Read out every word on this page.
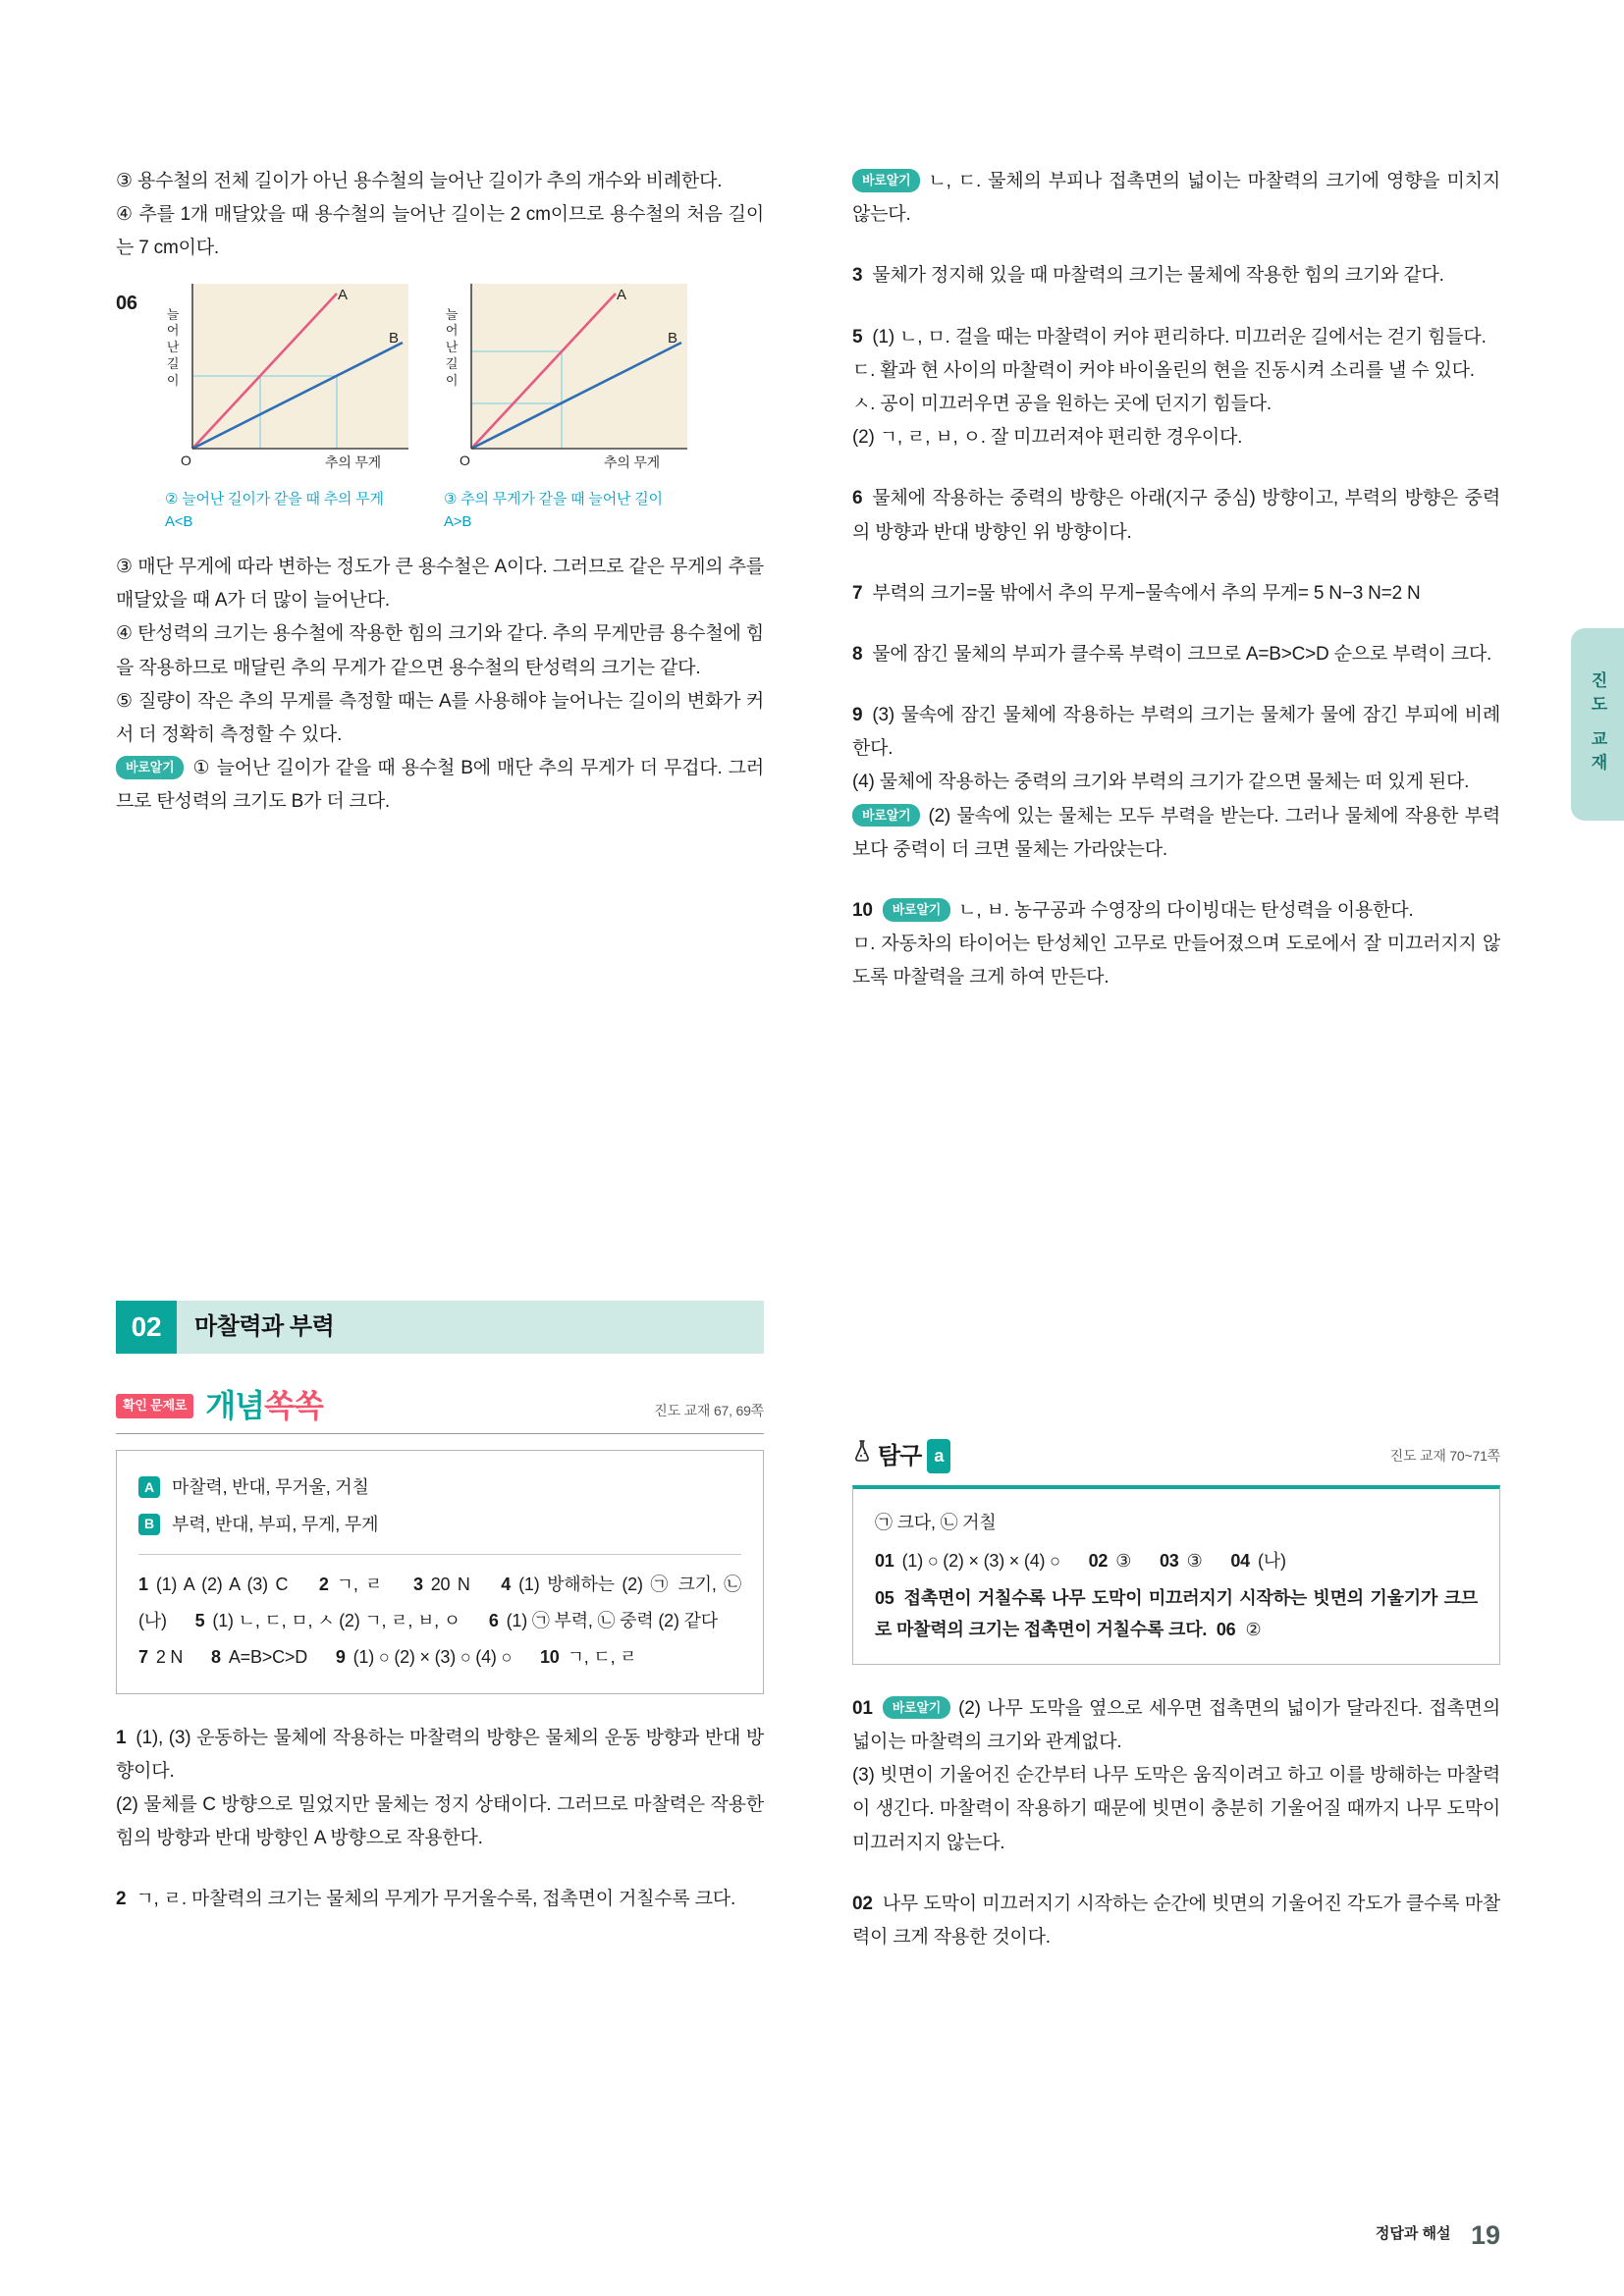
③ 용수철의 전체 길이가 아닌 용수철의 늘어난 길이가 추의 개수와 비례한다.

④ 추를 1개 매달았을 때 용수철의 늘어난 길이는 2 cm이므로 용수철의 처음 길이는 7 cm이다.

06
늘어난길이
O	추의 무게
A
B
② 늘어난 길이가 같을 때 추의 무게 A<B
늘어난길이
O	추의 무게
A
B
③ 추의 무게가 같을 때 늘어난 길이 A>B

③ 매단 무게에 따라 변하는 정도가 큰 용수철은 A이다. 그러므로 같은 무게의 추를 매달았을 때 A가 더 많이 늘어난다.

④ 탄성력의 크기는 용수철에 작용한 힘의 크기와 같다. 추의 무게만큼 용수철에 힘을 작용하므로 매달린 추의 무게가 같으면 용수철의 탄성력의 크기는 같다.

⑤ 질량이 작은 추의 무게를 측정할 때는 A를 사용해야 늘어나는 길이의 변화가 커서 더 정확히 측정할 수 있다.

바로알기 ① 늘어난 길이가 같을 때 용수철 B에 매단 추의 무게가 더 무겁다. 그러므로 탄성력의 크기도 B가 더 크다.

02	마찰력과 부력
확인 문제로 개념쏙쏙	진도 교재 67, 69쪽
A	마찰력, 반대, 무거울, 거칠
B	부력, 반대, 부피, 무게, 무게
1 (1) A (2) A (3) C 2 ㄱ, ㄹ 3 20 N 4 (1) 방해하는 (2) ㉠ 크기, ㉡ (나) 5 (1) ㄴ, ㄷ, ㅁ, ㅅ (2) ㄱ, ㄹ, ㅂ, ㅇ 6 (1) ㉠ 부력, ㉡ 중력 (2) 같다 7 2 N 8 A=B>C>D 9 (1) ○ (2) × (3) ○ (4) ○ 10 ㄱ, ㄷ, ㄹ

1 (1), (3) 운동하는 물체에 작용하는 마찰력의 방향은 물체의 운동 방향과 반대 방향이다.

(2) 물체를 C 방향으로 밀었지만 물체는 정지 상태이다. 그러므로 마찰력은 작용한 힘의 방향과 반대 방향인 A 방향으로 작용한다.

2 ㄱ, ㄹ. 마찰력의 크기는 물체의 무게가 무거울수록, 접촉면이 거칠수록 크다.

바로알기 ㄴ, ㄷ. 물체의 부피나 접촉면의 넓이는 마찰력의 크기에 영향을 미치지 않는다.

3 물체가 정지해 있을 때 마찰력의 크기는 물체에 작용한 힘의 크기와 같다.

5 (1) ㄴ, ㅁ. 걸을 때는 마찰력이 커야 편리하다. 미끄러운 길에서는 걷기 힘들다.

ㄷ. 활과 현 사이의 마찰력이 커야 바이올린의 현을 진동시켜 소리를 낼 수 있다.

ㅅ. 공이 미끄러우면 공을 원하는 곳에 던지기 힘들다.

(2) ㄱ, ㄹ, ㅂ, ㅇ. 잘 미끄러져야 편리한 경우이다.

6 물체에 작용하는 중력의 방향은 아래(지구 중심) 방향이고, 부력의 방향은 중력의 방향과 반대 방향인 위 방향이다.

7 부력의 크기=물 밖에서 추의 무게−물속에서 추의 무게= 5 N−3 N=2 N

8 물에 잠긴 물체의 부피가 클수록 부력이 크므로 A=B>C>D 순으로 부력이 크다.

9 (3) 물속에 잠긴 물체에 작용하는 부력의 크기는 물체가 물에 잠긴 부피에 비례한다.

(4) 물체에 작용하는 중력의 크기와 부력의 크기가 같으면 물체는 떠 있게 된다.

바로알기 (2) 물속에 있는 물체는 모두 부력을 받는다. 그러나 물체에 작용한 부력보다 중력이 더 크면 물체는 가라앉는다.

10 바로알기 ㄴ, ㅂ. 농구공과 수영장의 다이빙대는 탄성력을 이용한다.

ㅁ. 자동차의 타이어는 탄성체인 고무로 만들어졌으며 도로에서 잘 미끄러지지 않도록 마찰력을 크게 하여 만든다.

탐구 a	진도 교재 70~71쪽

㉠ 크다, ㉡ 거칠

01 (1) ○ (2) × (3) × (4) ○ 02 ③ 03 ③ 04 (나)

05 접촉면이 거칠수록 나무 도막이 미끄러지기 시작하는 빗면의 기울기가 크므로 마찰력의 크기는 접촉면이 거칠수록 크다. 06 ②

01 바로알기 (2) 나무 도막을 옆으로 세우면 접촉면의 넓이가 달라진다. 접촉면의 넓이는 마찰력의 크기와 관계없다.

(3) 빗면이 기울어진 순간부터 나무 도막은 움직이려고 하고 이를 방해하는 마찰력이 생긴다. 마찰력이 작용하기 때문에 빗면이 충분히 기울어질 때까지 나무 도막이 미끄러지지 않는다.

02 나무 도막이 미끄러지기 시작하는 순간에 빗면의 기울어진 각도가 클수록 마찰력이 크게 작용한 것이다.

정답과 해설 19
진도 교재
